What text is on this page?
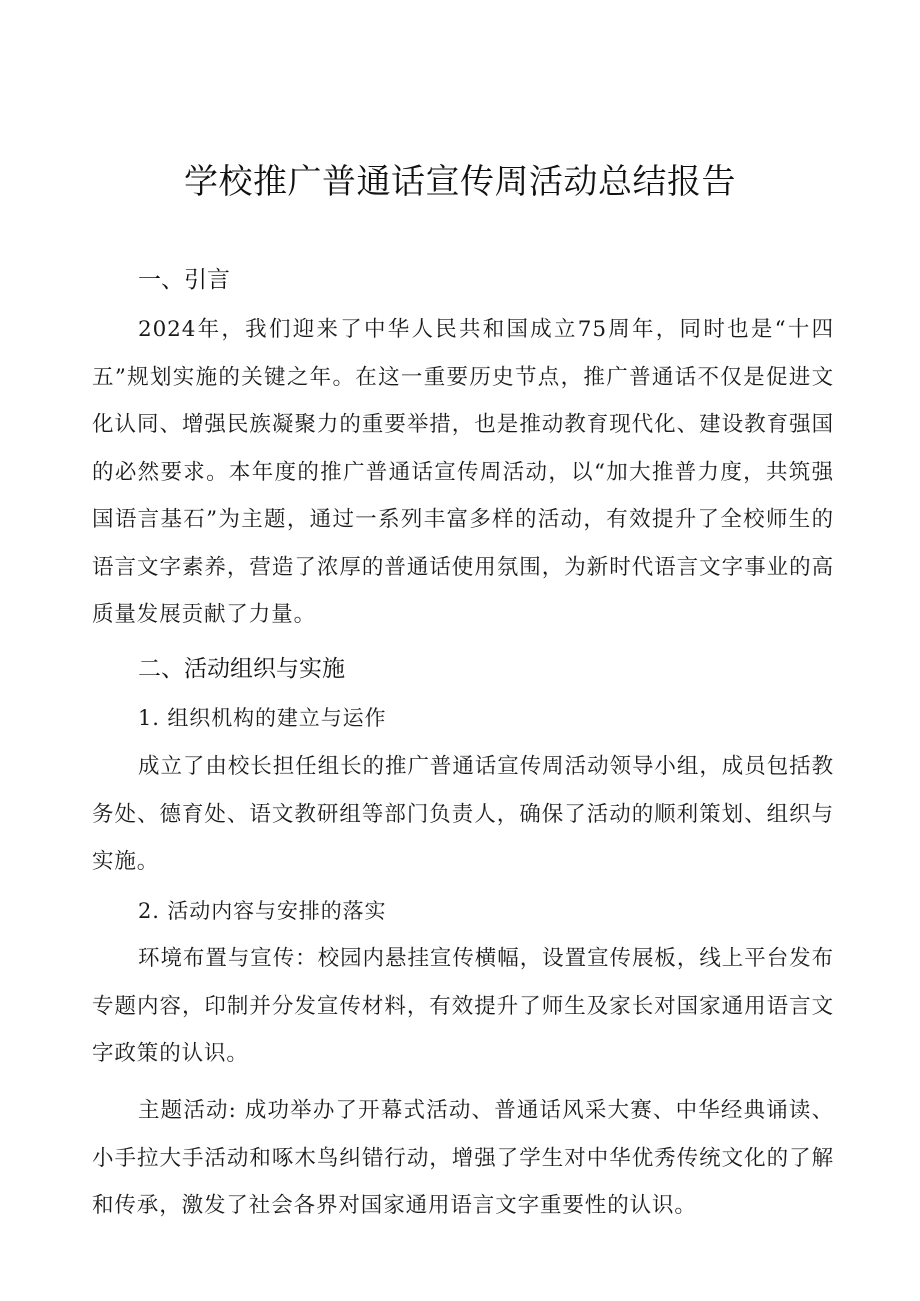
学校推广普通话宣传周活动总结报告
一、引言

2024年，我们迎来了中华人民共和国成立75周年，同时也是“十四五”规划实施的关键之年。在这一重要历史节点，推广普通话不仅是促进文化认同、增强民族凝聚力的重要举措，也是推动教育现代化、建设教育强国的必然要求。本年度的推广普通话宣传周活动，以“加大推普力度，共筑强国语言基石”为主题，通过一系列丰富多样的活动，有效提升了全校师生的语言文字素养，营造了浓厚的普通话使用氛围，为新时代语言文字事业的高质量发展贡献了力量。

二、活动组织与实施
1. 组织机构的建立与运作

成立了由校长担任组长的推广普通话宣传周活动领导小组，成员包括教务处、德育处、语文教研组等部门负责人，确保了活动的顺利策划、组织与实施。

2. 活动内容与安排的落实

环境布置与宣传：校园内悬挂宣传横幅，设置宣传展板，线上平台发布专题内容，印制并分发宣传材料，有效提升了师生及家长对国家通用语言文字政策的认识。

主题活动: 成功举办了开幕式活动、普通话风采大赛、中华经典诵读、小手拉大手活动和啄木鸟纠错行动，增强了学生对中华优秀传统文化的了解和传承，激发了社会各界对国家通用语言文字重要性的认识。
